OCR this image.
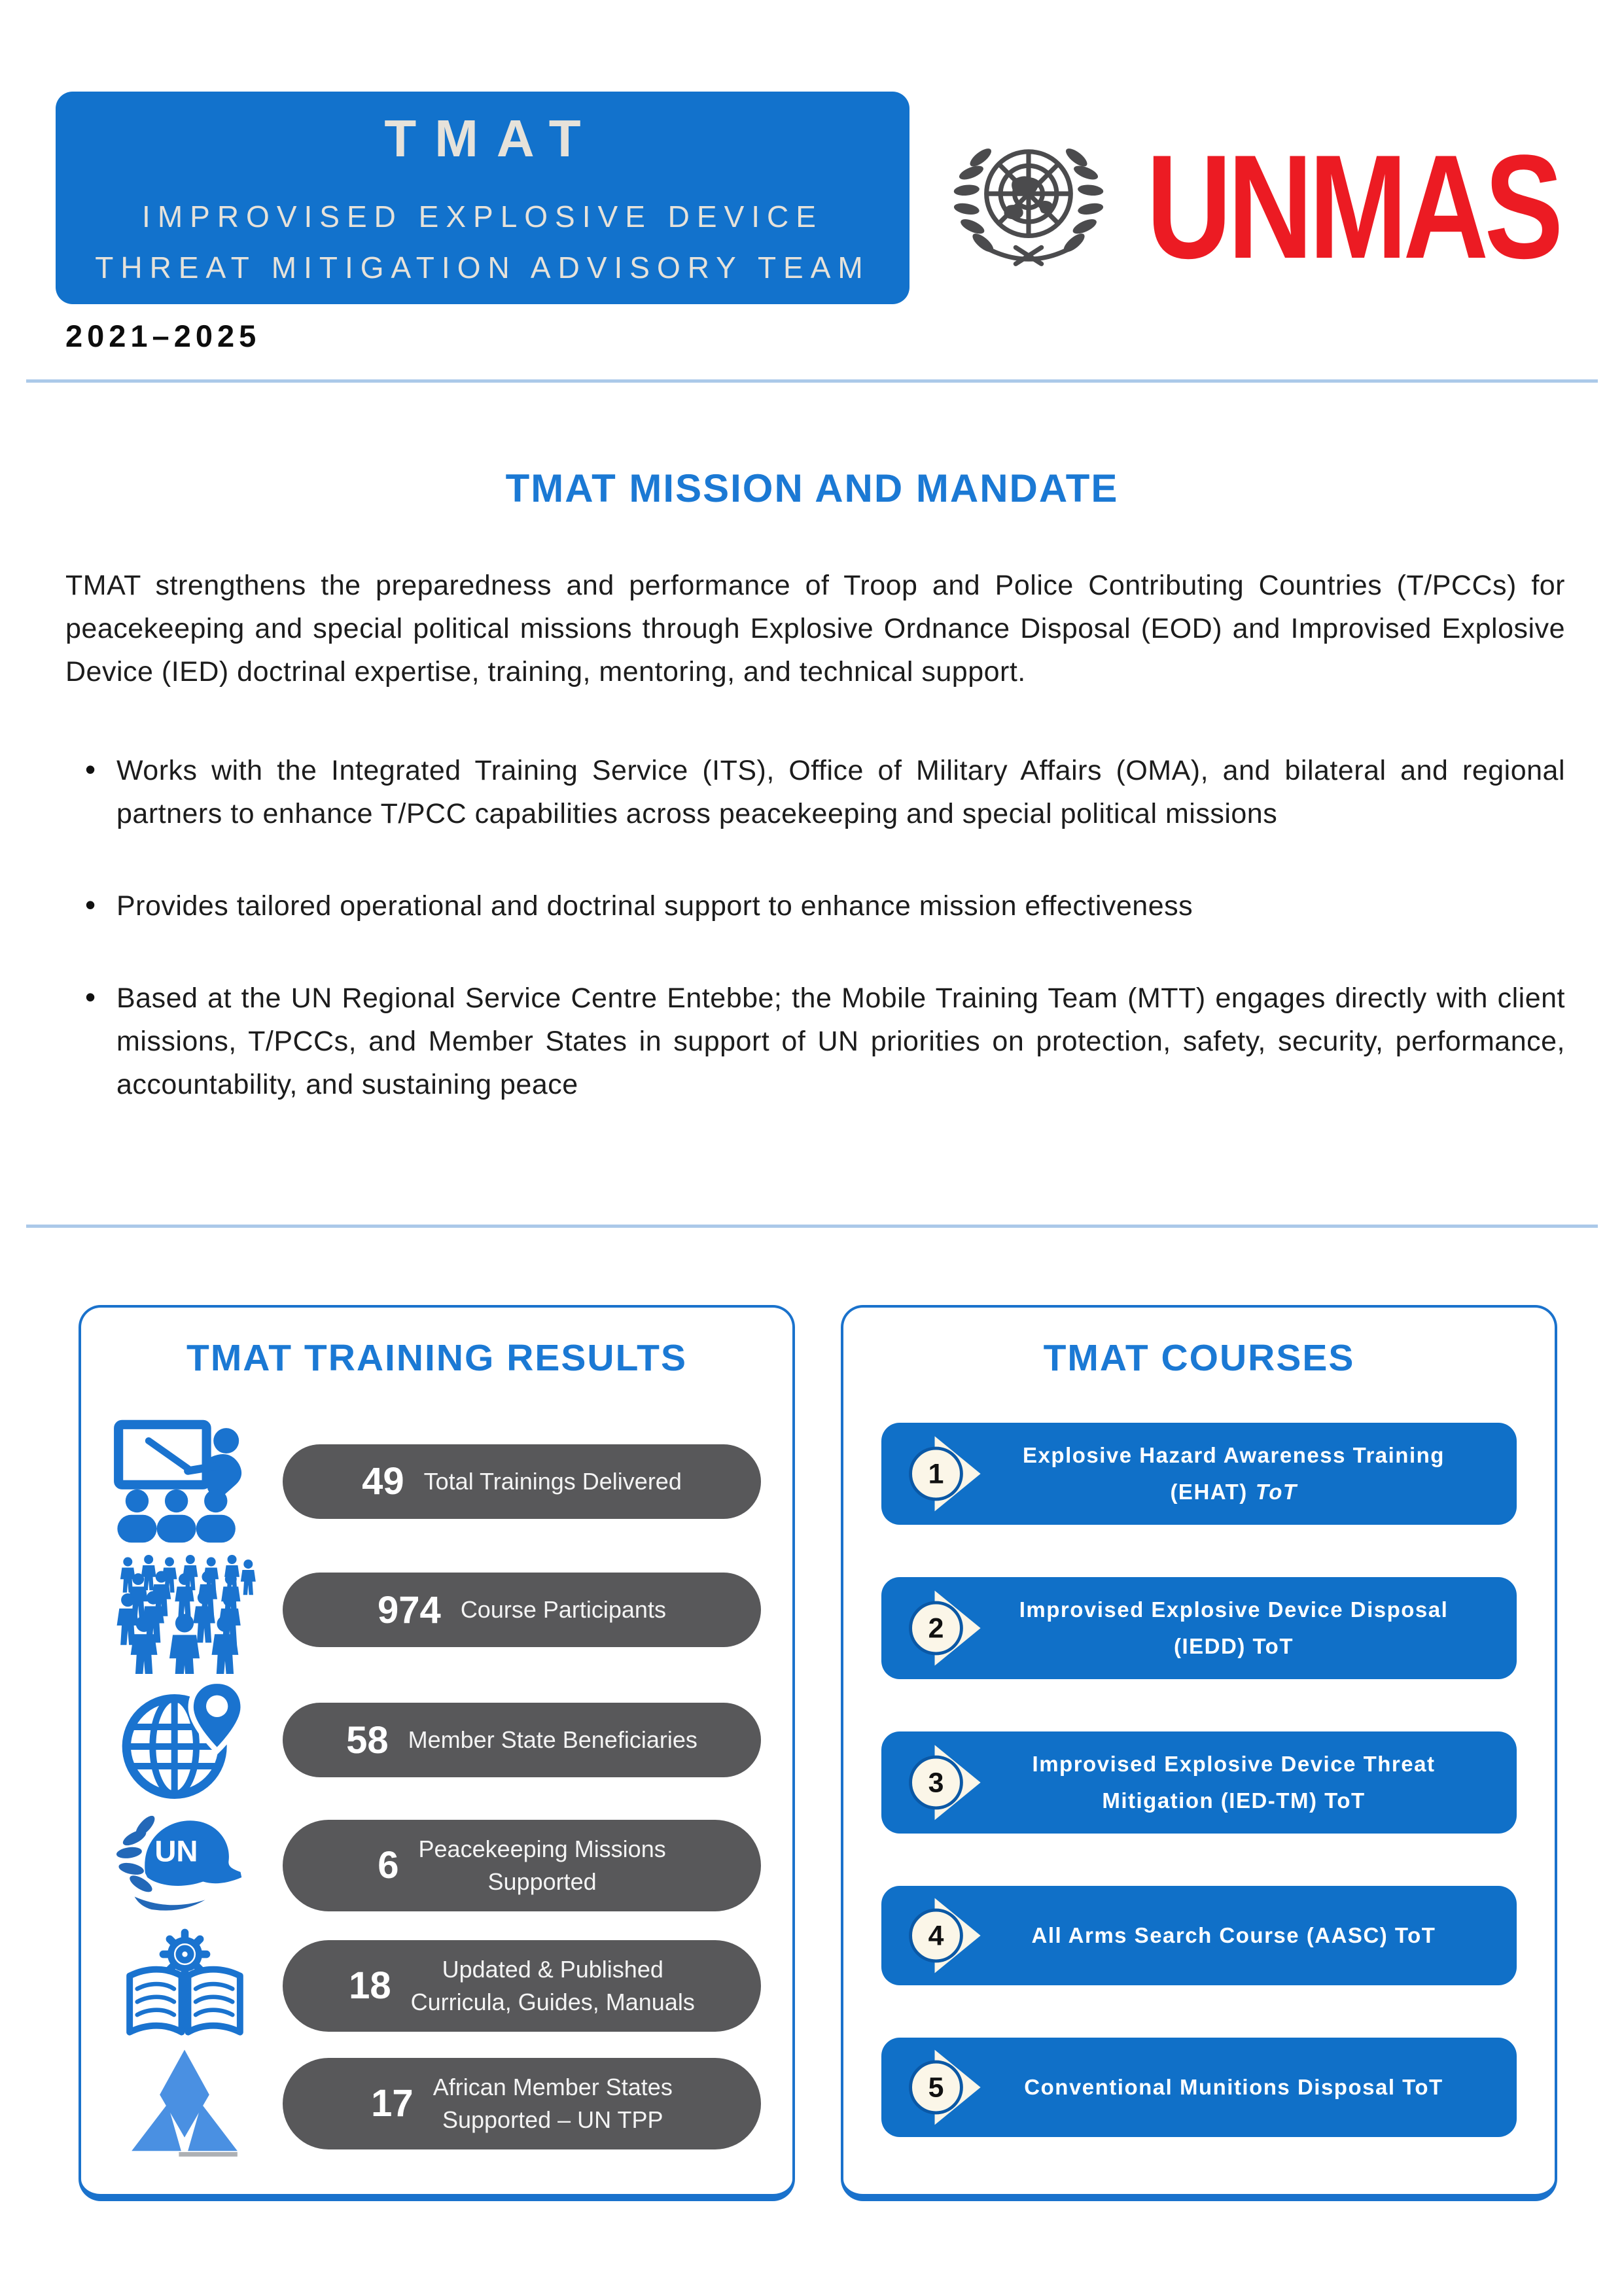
TMAT
IMPROVISED EXPLOSIVE DEVICE
THREAT MITIGATION ADVISORY TEAM UNMAS
2021–2025
TMAT MISSION AND MANDATE

TMAT strengthens the preparedness and performance of Troop and Police Contributing Countries (T/PCCs) for peacekeeping and special political missions through Explosive Ordnance Disposal (EOD) and Improvised Explosive Device (IED) doctrinal expertise, training, mentoring, and technical support.

• Works with the Integrated Training Service (ITS), Office of Military Affairs (OMA), and bilateral and regional partners to enhance T/PCC capabilities across peacekeeping and special political missions
• Provides tailored operational and doctrinal support to enhance mission effectiveness
• Based at the UN Regional Service Centre Entebbe; the Mobile Training Team (MTT) engages directly with client missions, T/PCCs, and Member States in support of UN priorities on protection, safety, security, performance, accountability, and sustaining peace
TMAT TRAINING RESULTS
49 Total Trainings Delivered
974 Course Participants
58 Member State Beneficiaries
UN	6 Peacekeeping Missions
Supported
18	Updated & Published
Curricula, Guides, Manuals
17 African Member States
Supported – UN TPP
TMAT COURSES
1
Explosive Hazard Awareness Training
(EHAT) ToT
2
Improvised Explosive Device Disposal
(IEDD) ToT
3
Improvised Explosive Device Threat
Mitigation (IED-TM) ToT
4	All Arms Search Course (AASC) ToT
5	Conventional Munitions Disposal ToT
